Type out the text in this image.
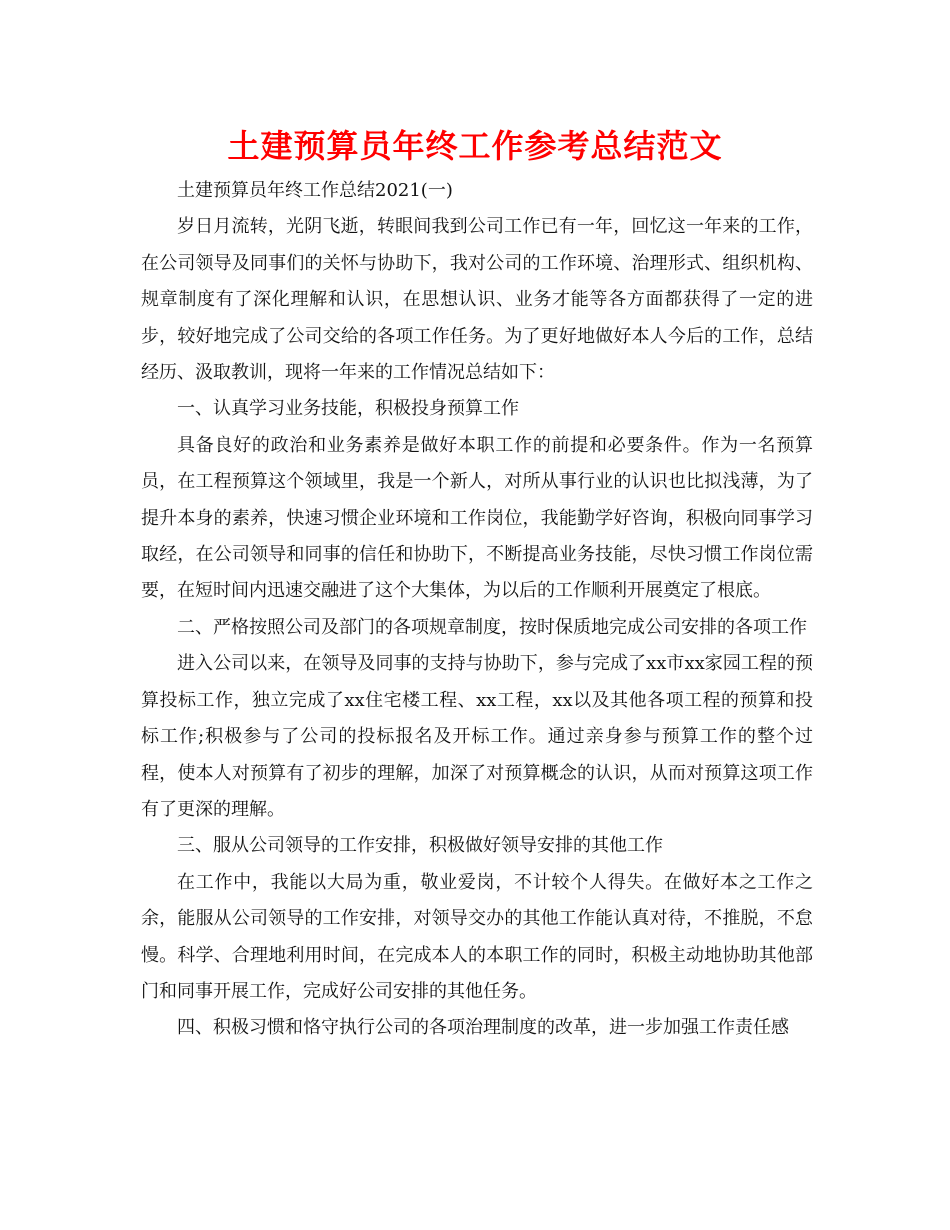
土建预算员年终工作参考总结范文

土建预算员年终工作总结2021(一)

岁日月流转，光阴飞逝，转眼间我到公司工作已有一年，回忆这一年来的工作，在公司领导及同事们的关怀与协助下，我对公司的工作环境、治理形式、组织机构、规章制度有了深化理解和认识，在思想认识、业务才能等各方面都获得了一定的进步，较好地完成了公司交给的各项工作任务。为了更好地做好本人今后的工作，总结经历、汲取教训，现将一年来的工作情况总结如下：

一、认真学习业务技能，积极投身预算工作

具备良好的政治和业务素养是做好本职工作的前提和必要条件。作为一名预算员，在工程预算这个领域里，我是一个新人，对所从事行业的认识也比拟浅薄，为了提升本身的素养，快速习惯企业环境和工作岗位，我能勤学好咨询，积极向同事学习取经，在公司领导和同事的信任和协助下，不断提高业务技能，尽快习惯工作岗位需要，在短时间内迅速交融进了这个大集体，为以后的工作顺利开展奠定了根底。

二、严格按照公司及部门的各项规章制度，按时保质地完成公司安排的各项工作

进入公司以来，在领导及同事的支持与协助下，参与完成了xx市xx家园工程的预算投标工作，独立完成了xx住宅楼工程、xx工程，xx以及其他各项工程的预算和投标工作;积极参与了公司的投标报名及开标工作。通过亲身参与预算工作的整个过程，使本人对预算有了初步的理解，加深了对预算概念的认识，从而对预算这项工作有了更深的理解。

三、服从公司领导的工作安排，积极做好领导安排的其他工作

在工作中，我能以大局为重，敬业爱岗，不计较个人得失。在做好本之工作之余，能服从公司领导的工作安排，对领导交办的其他工作能认真对待，不推脱，不怠慢。科学、合理地利用时间，在完成本人的本职工作的同时，积极主动地协助其他部门和同事开展工作，完成好公司安排的其他任务。

四、积极习惯和恪守执行公司的各项治理制度的改革，进一步加强工作责任感
